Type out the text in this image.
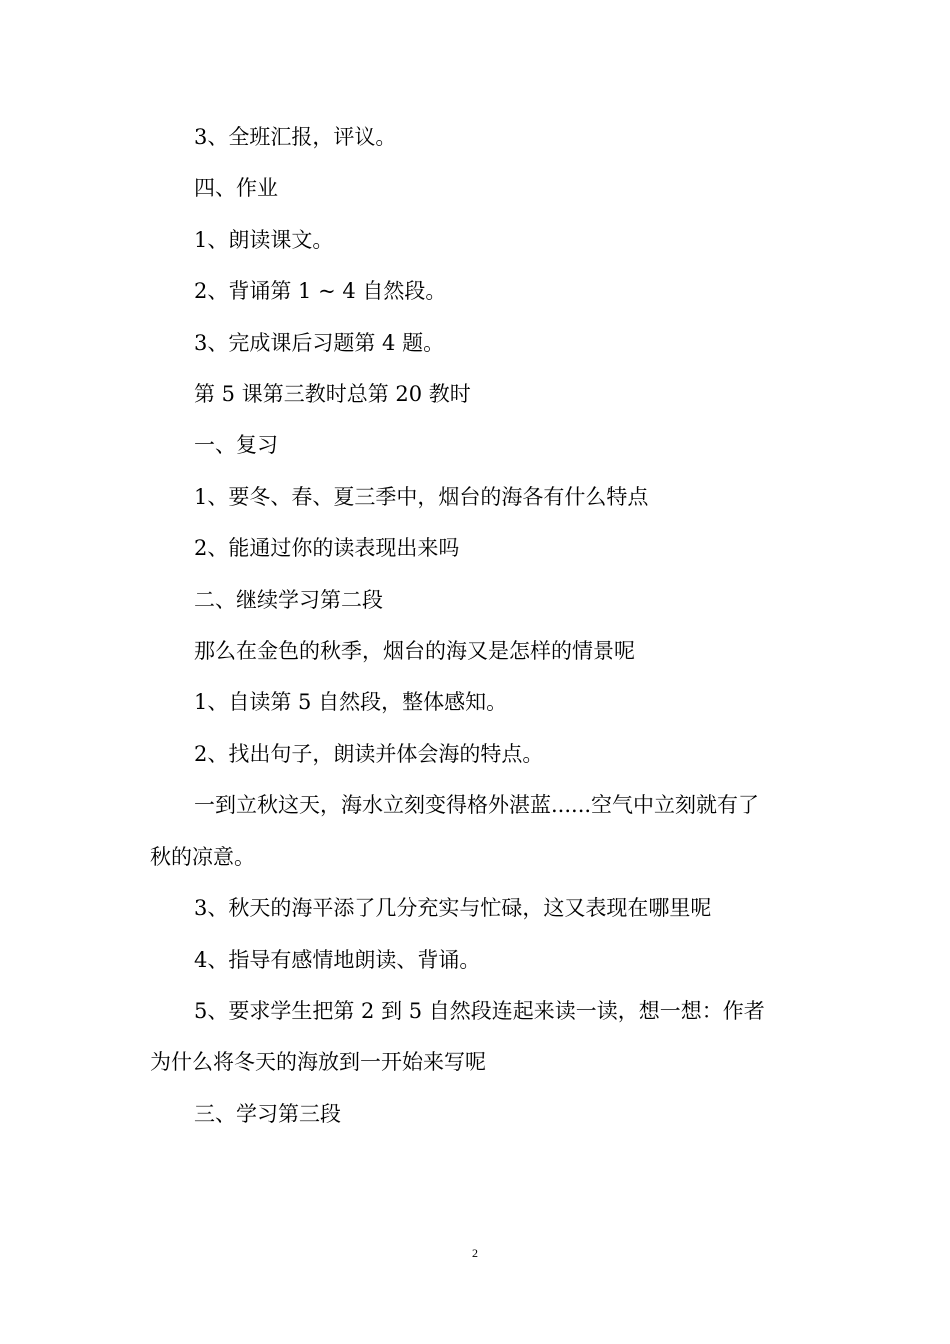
3、全班汇报，评议。

四、作业

1、朗读课文。

2、背诵第 1 ~ 4 自然段。

3、完成课后习题第 4 题。

第 5 课第三教时总第 20 教时

一、复习

1、要冬、春、夏三季中，烟台的海各有什么特点

2、能通过你的读表现出来吗

二、继续学习第二段

那么在金色的秋季，烟台的海又是怎样的情景呢

1、自读第 5 自然段，整体感知。

2、找出句子，朗读并体会海的特点。

一到立秋这天，海水立刻变得格外湛蓝......空气中立刻就有了

秋的凉意。

3、秋天的海平添了几分充实与忙碌，这又表现在哪里呢

4、指导有感情地朗读、背诵。

5、要求学生把第 2 到 5 自然段连起来读一读，想一想：作者

为什么将冬天的海放到一开始来写呢

三、学习第三段

2
